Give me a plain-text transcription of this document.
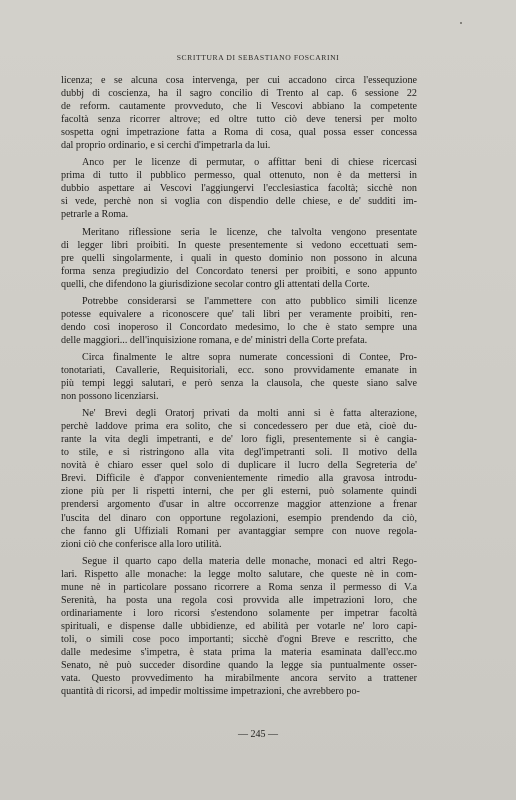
SCRITTURA DI SEBASTIANO FOSCARINI
licenza; e se alcuna cosa intervenga, per cui accadono circa l'essequzione
dubbj di coscienza, ha il sagro concilio di Trento al cap. 6 sessione 22
de reform. cautamente provveduto, che li Vescovi abbiano la competente
facoltà senza ricorrer altrove; ed oltre tutto ciò deve tenersi per molto
sospetta ogni impetrazione fatta a Roma di cosa, qual possa esser concessa
dal proprio ordinario, e si cerchi d'impetrarla da lui.
Anco per le licenze di permutar, o affittar beni di chiese ricercasi
prima di tutto il pubblico permesso, qual ottenuto, non è da mettersi in
dubbio aspettare ai Vescovi l'aggiungervi l'ecclesiastica facoltà; sicchè non
si vede, perchè non si voglia con dispendio delle chiese, e de' sudditi im-
petrarle a Roma.
Meritano riflessione seria le licenze, che talvolta vengono presentate
di legger libri proibiti. In queste presentemente si vedono eccettuati sem-
pre quelli singolarmente, i quali in questo dominio non possono in alcuna
forma senza pregiudizio del Concordato tenersi per proibiti, e sono appunto
quelli, che difendono la giurisdizione secolar contro gli attentati della Corte.
Potrebbe considerarsi se l'ammettere con atto pubblico simili licenze
potesse equivalere a riconoscere que' tali libri per veramente proibiti, ren-
dendo così inoperoso il Concordato medesimo, lo che è stato sempre una
delle maggiori... dell'inquisizione romana, e de' ministri della Corte prefata.
Circa finalmente le altre sopra numerate concessioni di Contee, Pro-
tonotariati, Cavallerie, Requisitoriali, ecc. sono provvidamente emanate in
più tempi leggi salutari, e però senza la clausola, che queste siano salve
non possono licenziarsi.
Ne' Brevi degli Oratorj privati da molti anni si è fatta alterazione,
perchè laddove prima era solito, che si concedessero per due età, cioè du-
rante la vita degli impetranti, e de' loro figli, presentemente si è cangia-
to stile, e si ristringono alla vita degl'impetranti soli. Il motivo della
novità è chiaro esser quel solo di duplicare il lucro della Segreteria de'
Brevi. Difficile è d'appor convenientemente rimedio alla gravosa introdu-
zione più per li rispetti interni, che per gli esterni, può solamente quindi
prendersi argomento d'usar in altre occorrenze maggior attenzione a frenar
l'uscita del dinaro con opportune regolazioni, esempio prendendo da ciò,
che fanno gli Uffiziali Romani per avantaggiar sempre con nuove regola-
zioni ciò che conferisce alla loro utilità.
Segue il quarto capo della materia delle monache, monaci ed altri Rego-
lari. Rispetto alle monache: la legge molto salutare, che queste nè in com-
mune nè in particolare possano ricorrere a Roma senza il permesso di V.a
Serenità, ha posta una regola così provvida alle impetrazioni loro, che
ordinariamente i loro ricorsi s'estendono solamente per impetrar facoltà
spirituali, e dispense dalle ubbidienze, ed abilità per votarle ne' loro capi-
toli, o simili cose poco importanti; sicchè d'ogni Breve e rescritto, che
dalle medesime s'impetra, è stata prima la materia esaminata dall'ecc.mo
Senato, nè può succeder disordine quando la legge sia puntualmente osser-
vata. Questo provvedimento ha mirabilmente ancora servito a trattener
quantità di ricorsi, ad impedir moltissime impetrazioni, che avrebbero po-
— 245 —
